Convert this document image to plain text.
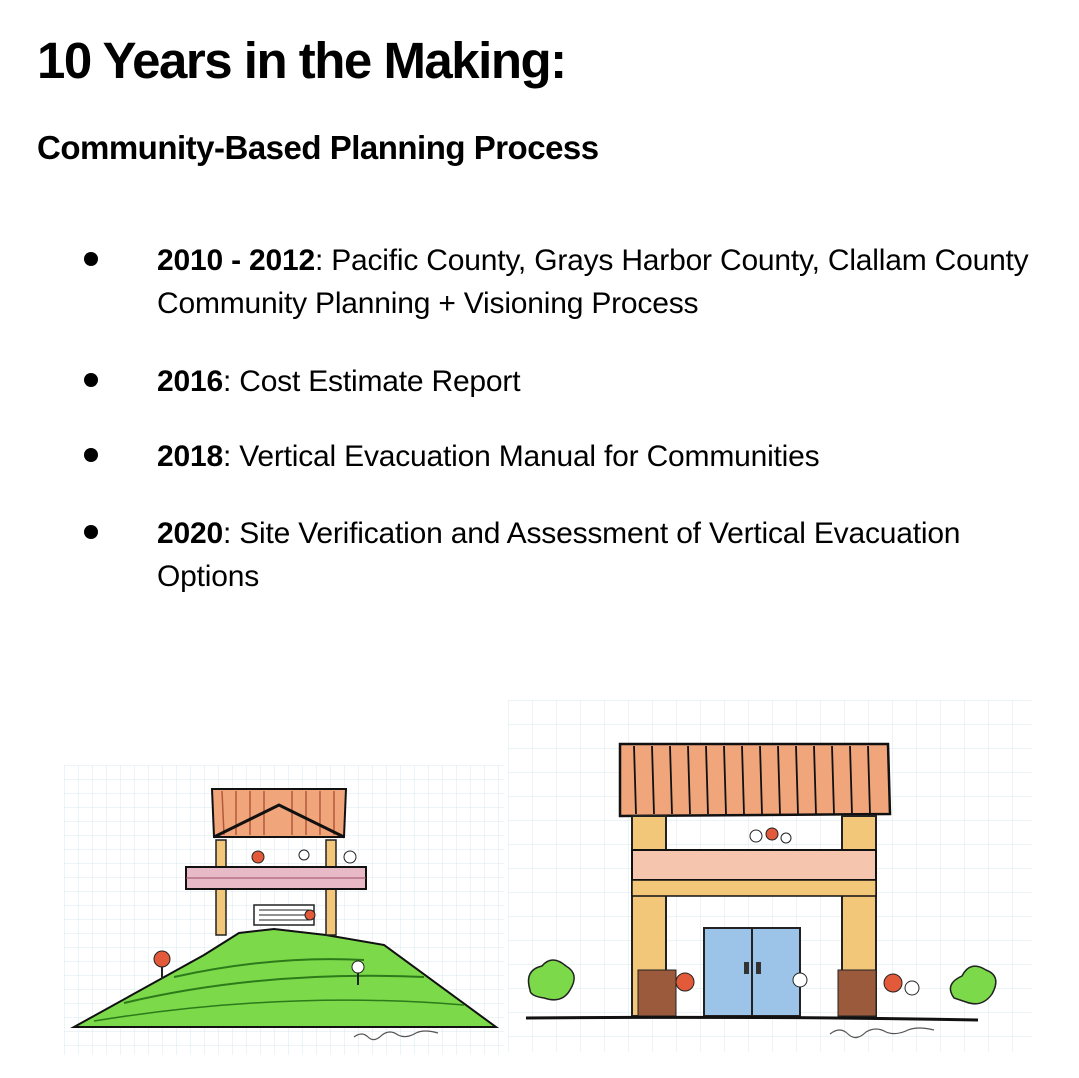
10 Years in the Making:
Community-Based Planning Process
2010 - 2012: Pacific County, Grays Harbor County, Clallam County Community Planning + Visioning Process
2016: Cost Estimate Report
2018: Vertical Evacuation Manual for Communities
2020: Site Verification and Assessment of Vertical Evacuation Options
